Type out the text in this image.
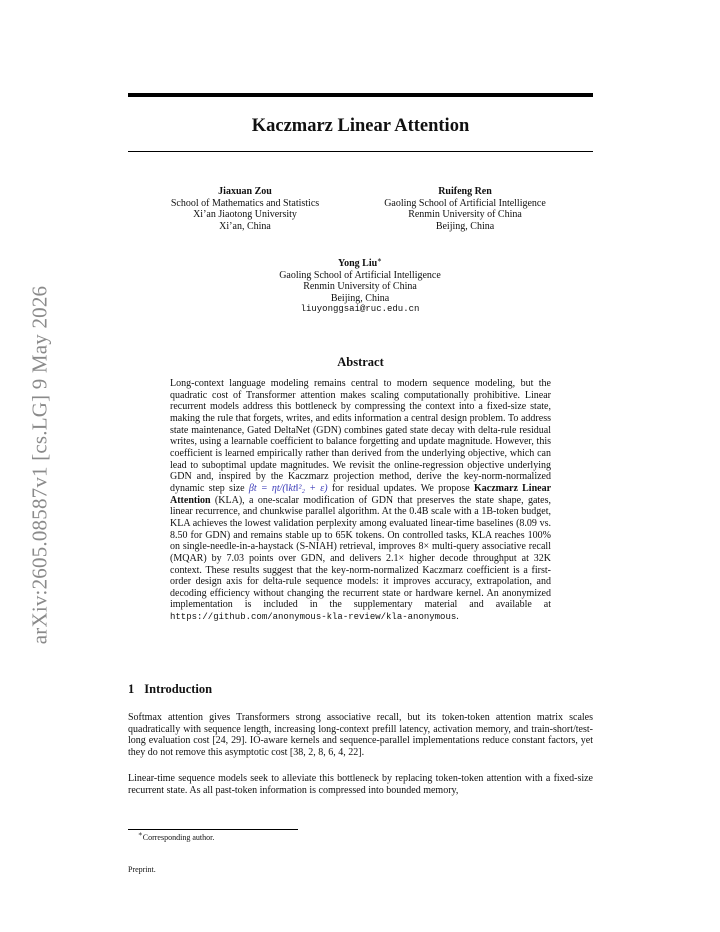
arXiv:2605.08587v1 [cs.LG] 9 May 2026
Kaczmarz Linear Attention
Jiaxuan Zou
School of Mathematics and Statistics
Xi’an Jiaotong University
Xi’an, China
Ruifeng Ren
Gaoling School of Artificial Intelligence
Renmin University of China
Beijing, China
Yong Liu∗
Gaoling School of Artificial Intelligence
Renmin University of China
Beijing, China
liuyonggsai@ruc.edu.cn
Abstract
Long-context language modeling remains central to modern sequence modeling, but the quadratic cost of Transformer attention makes scaling computationally prohibitive. Linear recurrent models address this bottleneck by compressing the context into a fixed-size state, making the rule that forgets, writes, and edits information a central design problem. To address state maintenance, Gated DeltaNet (GDN) combines gated state decay with delta-rule residual writes, using a learnable coefficient to balance forgetting and update magnitude. However, this coefficient is learned empirically rather than derived from the underlying objective, which can lead to suboptimal update magnitudes. We revisit the online-regression objective underlying GDN and, inspired by the Kaczmarz projection method, derive the key-norm-normalized dynamic step size βt = ηt/(‖kt‖²₂ + ε) for residual updates. We propose Kaczmarz Linear Attention (KLA), a one-scalar modification of GDN that preserves the state shape, gates, linear recurrence, and chunkwise parallel algorithm. At the 0.4B scale with a 1B-token budget, KLA achieves the lowest validation perplexity among evaluated linear-time baselines (8.09 vs. 8.50 for GDN) and remains stable up to 65K tokens. On controlled tasks, KLA reaches 100% on single-needle-in-a-haystack (S-NIAH) retrieval, improves 8× multi-query associative recall (MQAR) by 7.03 points over GDN, and delivers 2.1× higher decode throughput at 32K context. These results suggest that the key-norm-normalized Kaczmarz coefficient is a first-order design axis for delta-rule sequence models: it improves accuracy, extrapolation, and decoding efficiency without changing the recurrent state or hardware kernel. An anonymized implementation is included in the supplementary material and available at https://github.com/anonymous-kla-review/kla-anonymous.
1 Introduction
Softmax attention gives Transformers strong associative recall, but its token-token attention matrix scales quadratically with sequence length, increasing long-context prefill latency, activation memory, and train-short/test-long evaluation cost [24, 29]. IO-aware kernels and sequence-parallel implementations reduce constant factors, yet they do not remove this asymptotic cost [38, 2, 8, 6, 4, 22].
Linear-time sequence models seek to alleviate this bottleneck by replacing token-token attention with a fixed-size recurrent state. As all past-token information is compressed into bounded memory,
∗Corresponding author.
Preprint.
